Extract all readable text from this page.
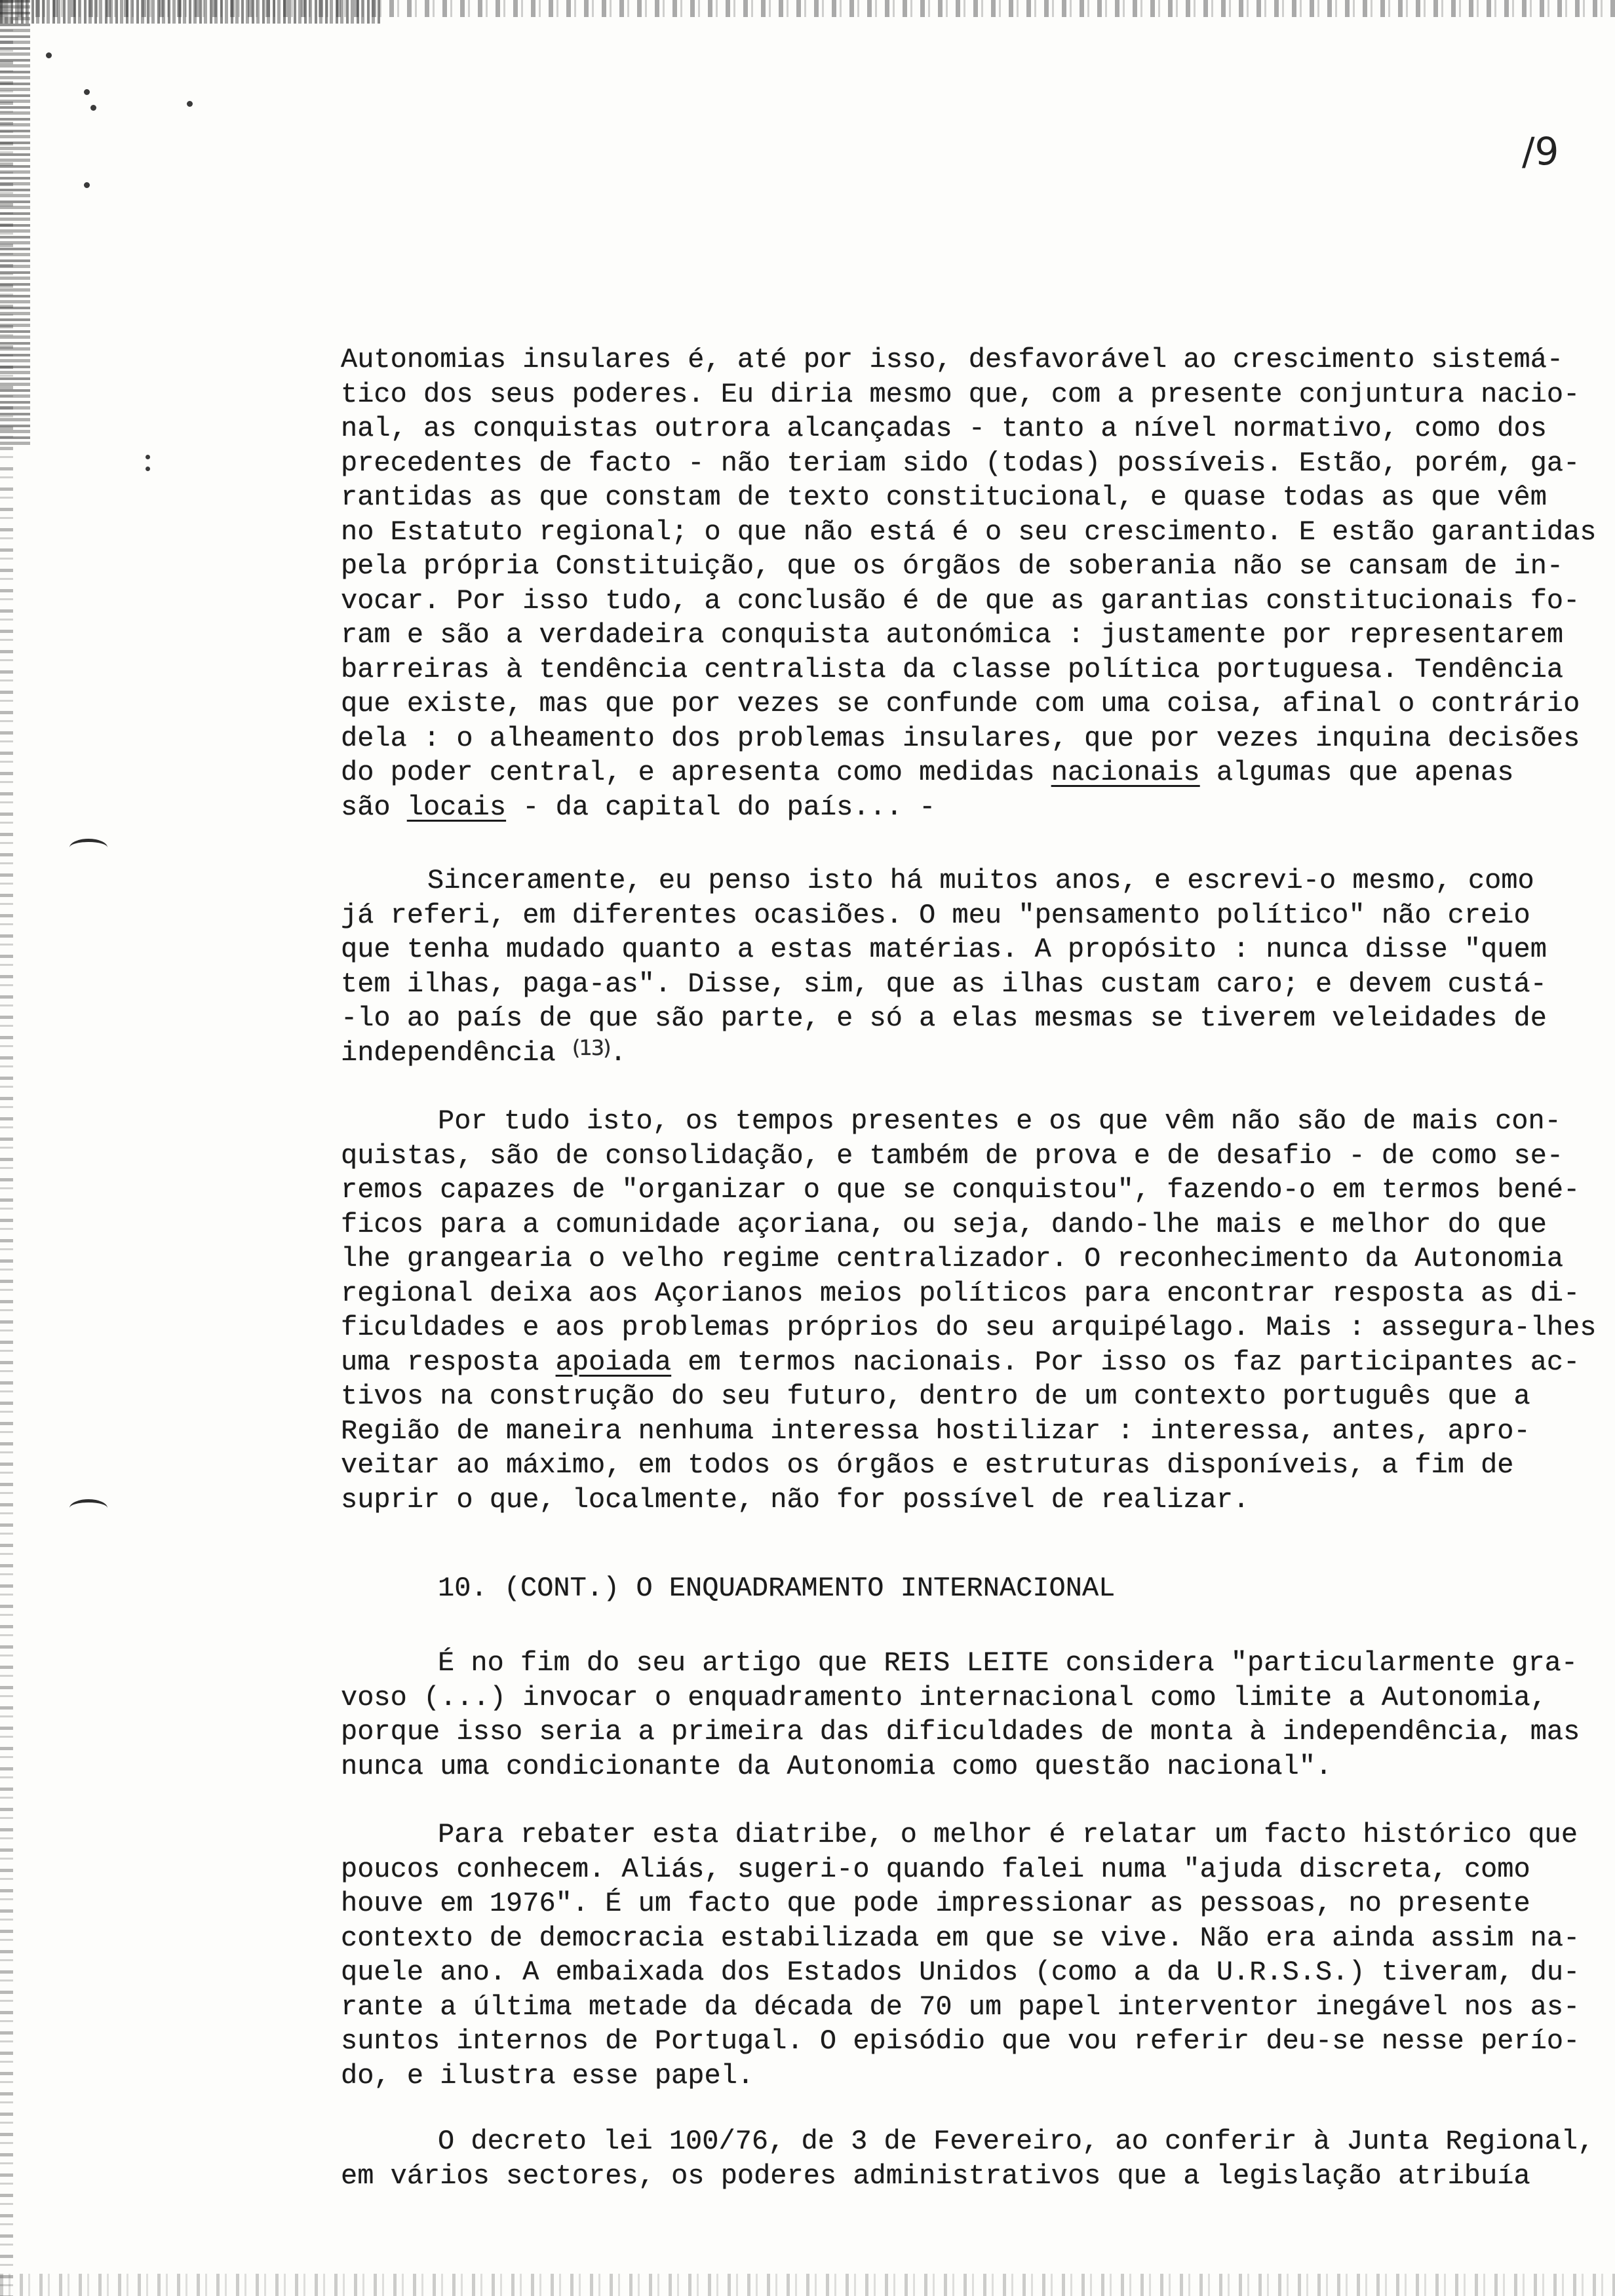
/9
Autonomias insulares é, até por isso, desfavorável ao crescimento sistemá-
tico dos seus poderes. Eu diria mesmo que, com a presente conjuntura nacio-
nal, as conquistas outrora alcançadas - tanto a nível normativo, como dos
precedentes de facto - não teriam sido (todas) possíveis. Estão, porém, ga-
rantidas as que constam de texto constitucional, e quase todas as que vêm
no Estatuto regional; o que não está é o seu crescimento. E estão garantidas
pela própria Constituição, que os órgãos de soberania não se cansam de in-
vocar. Por isso tudo, a conclusão é de que as garantias constitucionais fo-
ram e são a verdadeira conquista autonómica : justamente por representarem
barreiras à tendência centralista da classe política portuguesa. Tendência
que existe, mas que por vezes se confunde com uma coisa, afinal o contrário
dela : o alheamento dos problemas insulares, que por vezes inquina decisões
do poder central, e apresenta como medidas nacionais algumas que apenas
são locais - da capital do país... -
Sinceramente, eu penso isto há muitos anos, e escrevi-o mesmo, como
já referi, em diferentes ocasiões. O meu "pensamento político" não creio
que tenha mudado quanto a estas matérias. A propósito : nunca disse "quem
tem ilhas, paga-as". Disse, sim, que as ilhas custam caro; e devem custá-
-lo ao país de que são parte, e só a elas mesmas se tiverem veleidades de
independência (13).
Por tudo isto, os tempos presentes e os que vêm não são de mais con-
quistas, são de consolidação, e também de prova e de desafio - de como se-
remos capazes de "organizar o que se conquistou", fazendo-o em termos bené-
ficos para a comunidade açoriana, ou seja, dando-lhe mais e melhor do que
lhe grangearia o velho regime centralizador. O reconhecimento da Autonomia
regional deixa aos Açorianos meios políticos para encontrar resposta as di-
ficuldades e aos problemas próprios do seu arquipélago. Mais : assegura-lhes
uma resposta apoiada em termos nacionais. Por isso os faz participantes ac-
tivos na construção do seu futuro, dentro de um contexto português que a
Região de maneira nenhuma interessa hostilizar : interessa, antes, apro-
veitar ao máximo, em todos os órgãos e estruturas disponíveis, a fim de
suprir o que, localmente, não for possível de realizar.
10. (CONT.) O ENQUADRAMENTO INTERNACIONAL
É no fim do seu artigo que REIS LEITE considera "particularmente gra-
voso (...) invocar o enquadramento internacional como limite a Autonomia,
porque isso seria a primeira das dificuldades de monta à independência, mas
nunca uma condicionante da Autonomia como questão nacional".
Para rebater esta diatribe, o melhor é relatar um facto histórico que
poucos conhecem. Aliás, sugeri-o quando falei numa "ajuda discreta, como
houve em 1976". É um facto que pode impressionar as pessoas, no presente
contexto de democracia estabilizada em que se vive. Não era ainda assim na-
quele ano. A embaixada dos Estados Unidos (como a da U.R.S.S.) tiveram, du-
rante a última metade da década de 70 um papel interventor inegável nos as-
suntos internos de Portugal. O episódio que vou referir deu-se nesse perío-
do, e ilustra esse papel.
O decreto lei 100/76, de 3 de Fevereiro, ao conferir à Junta Regional,
em vários sectores, os poderes administrativos que a legislação atribuía
